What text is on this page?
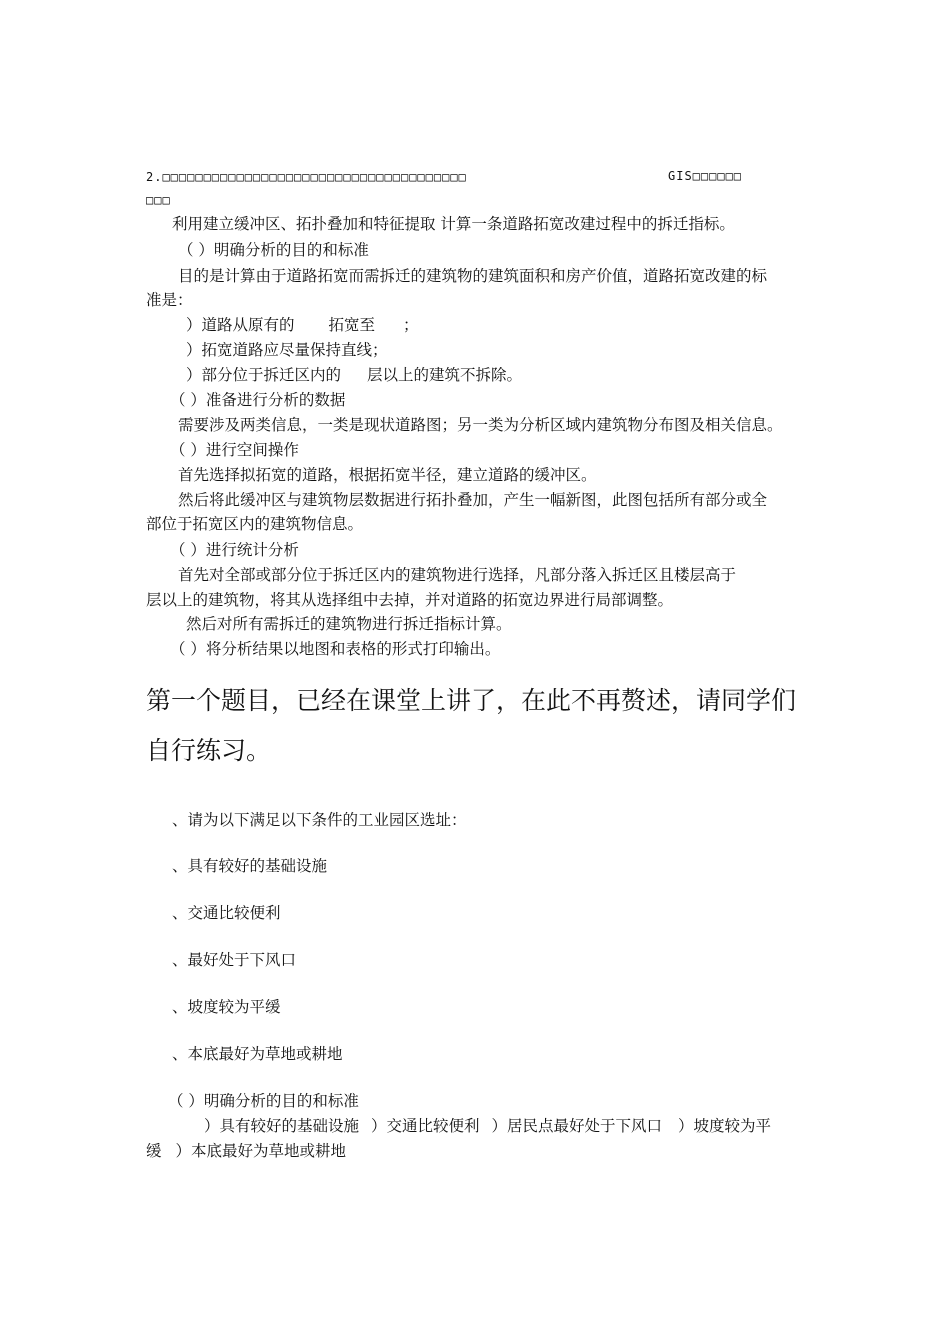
2.□□□□□□□□□□□□□□□□□□□□□□□□□□□□□□□□□□□□□	GIS□□□□□□
□□□
利用建立缓冲区、拓扑叠加和特征提取 计算一条道路拓宽改建过程中的拆迁指标。
（ ）明确分析的目的和标准
目的是计算由于道路拓宽而需拆迁的建筑物的建筑面积和房产价值，道路拓宽改建的标
准是：
）道路从原有的 拓宽至 ；
）拓宽道路应尽量保持直线；
）部分位于拆迁区内的 层以上的建筑不拆除。
（ ）准备进行分析的数据
需要涉及两类信息，一类是现状道路图；另一类为分析区域内建筑物分布图及相关信息。
（ ）进行空间操作
首先选择拟拓宽的道路，根据拓宽半径，建立道路的缓冲区。
然后将此缓冲区与建筑物层数据进行拓扑叠加，产生一幅新图，此图包括所有部分或全
部位于拓宽区内的建筑物信息。
（ ）进行统计分析
首先对全部或部分位于拆迁区内的建筑物进行选择，凡部分落入拆迁区且楼层高于
层以上的建筑物，将其从选择组中去掉，并对道路的拓宽边界进行局部调整。
然后对所有需拆迁的建筑物进行拆迁指标计算。
（ ）将分析结果以地图和表格的形式打印输出。
第一个题目，已经在课堂上讲了，在此不再赘述，请同学们
自行练习。
、请为以下满足以下条件的工业园区选址：
、具有较好的基础设施
、交通比较便利
、最好处于下风口
、坡度较为平缓
、本底最好为草地或耕地
（ ）明确分析的目的和标准
）具有较好的基础设施 ）交通比较便利 ）居民点最好处于下风口 ）坡度较为平
缓 ）本底最好为草地或耕地
